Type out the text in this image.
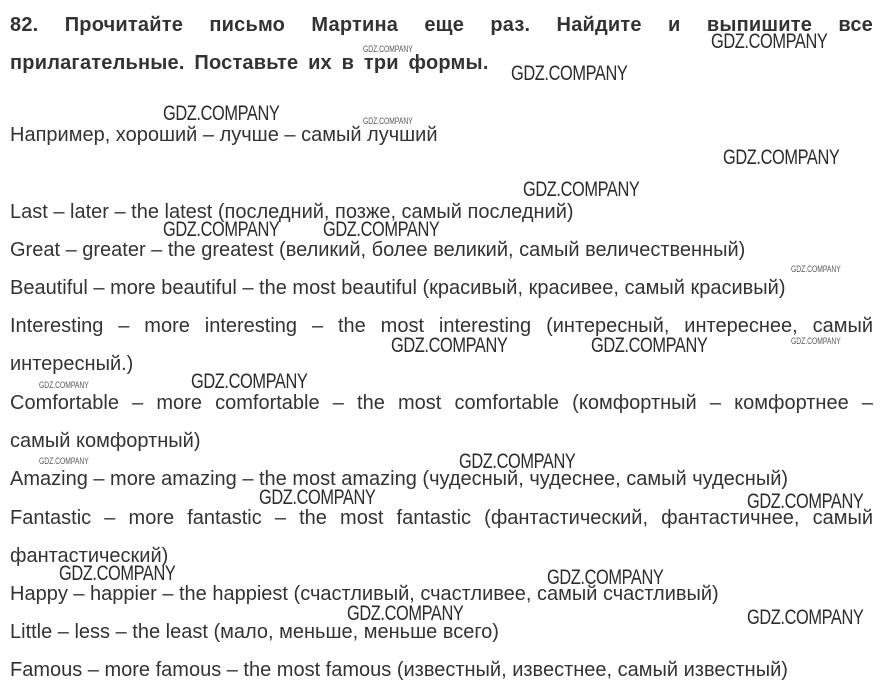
82. Прочитайте письмо Мартина еще раз. Найдите и выпишите все прилагательные. Поставьте их в три формы.
Например, хороший – лучше – самый лучший
Last – later – the latest (последний, позже, самый последний)
Great – greater – the greatest (великий, более великий, самый величественный)
Beautiful – more beautiful – the most beautiful (красивый, красивее, самый красивый)
Interesting – more interesting – the most interesting (интересный, интереснее, самый
интересный.)
Comfortable – more comfortable – the most comfortable (комфортный – комфортнее –
самый комфортный)
Amazing – more amazing – the most amazing (чудесный, чудеснее, самый чудесный)
Fantastic – more fantastic – the most fantastic (фантастический, фантастичнее, самый
фантастический)
Happy – happier – the happiest (счастливый, счастливее, самый счастливый)
Little – less – the least (мало, меньше, меньше всего)
Famous – more famous – the most famous (известный, известнее, самый известный)
GDZ.COMPANY
GDZ.COMPANY
GDZ.COMPANY
GDZ.COMPANY
GDZ.COMPANY
GDZ.COMPANY GDZ.COMPANY
GDZ.COMPANY	GDZ.COMPANY
GDZ.COMPANY
GDZ.COMPANY
GDZ.COMPANY	GDZ.COMPANY
GDZ.COMPANY	GDZ.COMPANY
GDZ.COMPANY	GDZ.COMPANY
GDZ.COMPANY
GDZ.COMPANY
GDZ.COMPANY
GDZ.COMPANY
GDZ.COMPANY
GDZ.COMPANY
